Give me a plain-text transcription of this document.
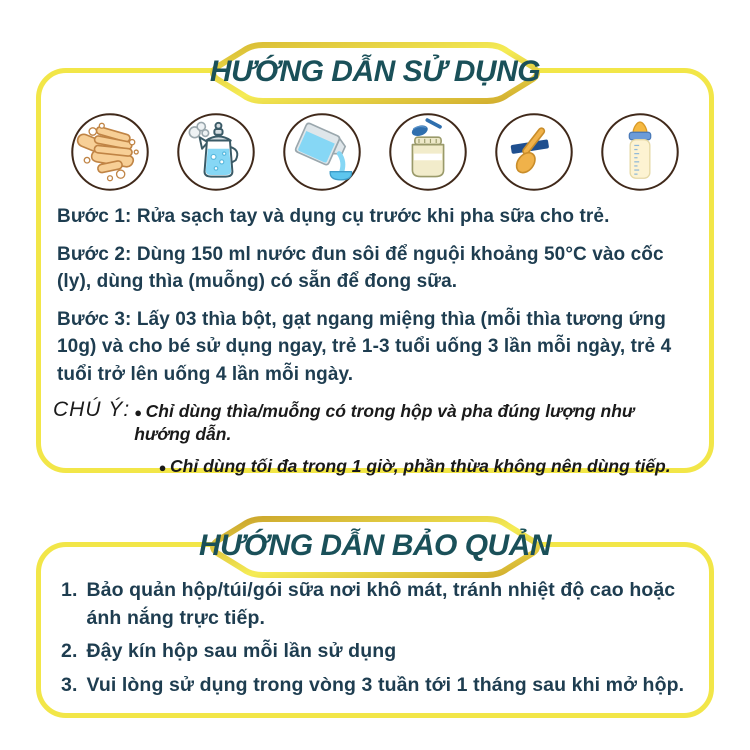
HƯỚNG DẪN SỬ DỤNG
Bước 1: Rửa sạch tay và dụng cụ trước khi pha sữa cho trẻ.
Bước 2: Dùng 150 ml nước đun sôi để nguội khoảng 50°C vào cốc (ly), dùng thìa (muỗng) có sẵn để đong sữa.
Bước 3: Lấy 03 thìa bột, gạt ngang miệng thìa (mỗi thìa tương ứng 10g) và cho bé sử dụng ngay, trẻ 1-3 tuổi uống 3 lần mỗi ngày, trẻ 4 tuổi trở lên uống 4 lần mỗi ngày.
CHÚ Ý: ● Chỉ dùng thìa/muỗng có trong hộp và pha đúng lượng như hướng dẫn.
● Chỉ dùng tối đa trong 1 giờ, phần thừa không nên dùng tiếp.
HƯỚNG DẪN BẢO QUẢN
1. Bảo quản hộp/túi/gói sữa nơi khô mát, tránh nhiệt độ cao hoặc ánh nắng trực tiếp.
2. Đậy kín hộp sau mỗi lần sử dụng
3. Vui lòng sử dụng trong vòng 3 tuần tới 1 tháng sau khi mở hộp.
